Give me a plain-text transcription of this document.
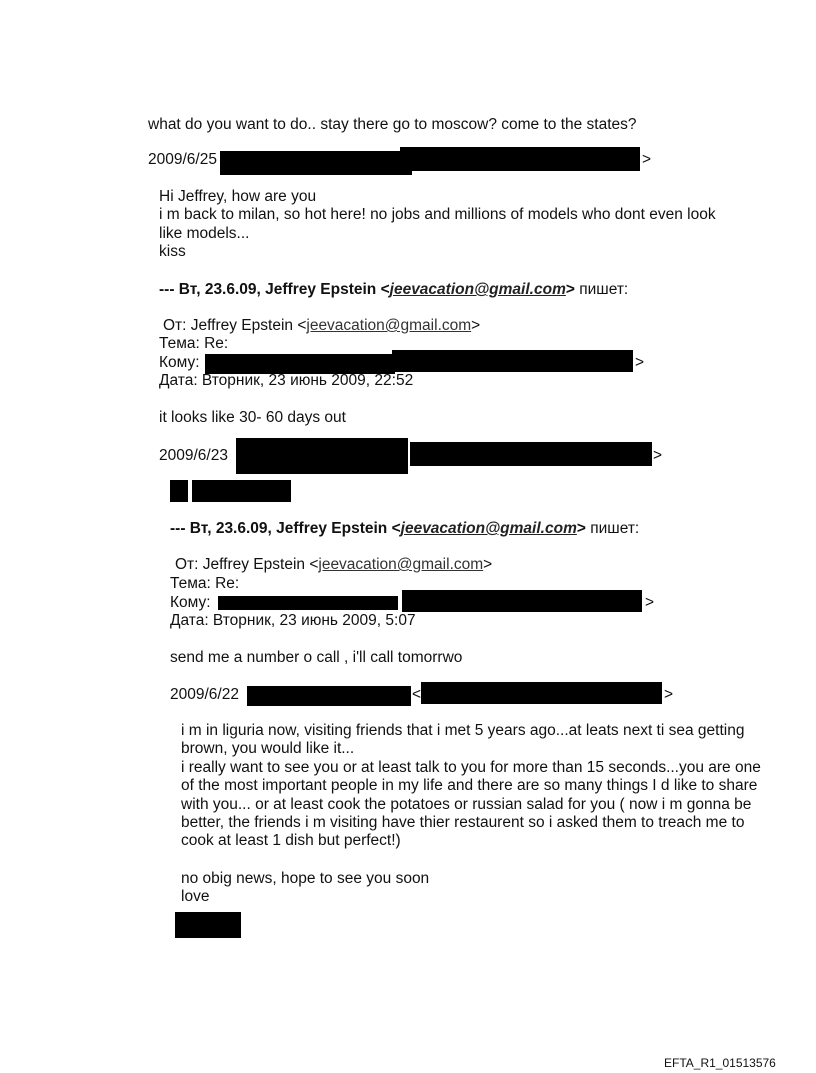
what do you want to do.. stay there go to moscow? come to the states?
2009/6/25	>
Hi Jeffrey, how are you
i m back to milan, so hot here! no jobs and millions of models who dont even look
like models...
kiss
--- Вт, 23.6.09, Jeffrey Epstein <jeevacation@gmail.com> пишет:
От: Jeffrey Epstein <jeevacation@gmail.com>
Тема: Re:
Кому:	>
Дата: Вторник, 23 июнь 2009, 22:52
it looks like 30- 60 days out
2009/6/23	>
--- Вт, 23.6.09, Jeffrey Epstein <jeevacation@gmail.com> пишет:
От: Jeffrey Epstein <jeevacation@gmail.com>
Тема: Re:
Кому:	>
Дата: Вторник, 23 июнь 2009, 5:07
send me a number o call , i'll call tomorrwo
2009/6/22	<	>
i m in liguria now, visiting friends that i met 5 years ago...at leats next ti sea getting
brown, you would like it...
i really want to see you or at least talk to you for more than 15 seconds...you are one
of the most important people in my life and there are so many things I d like to share
with you... or at least cook the potatoes or russian salad for you ( now i m gonna be
better, the friends i m visiting have thier restaurent so i asked them to treach me to
cook at least 1 dish but perfect!)
no obig news, hope to see you soon
love
EFTA_R1_01513576
